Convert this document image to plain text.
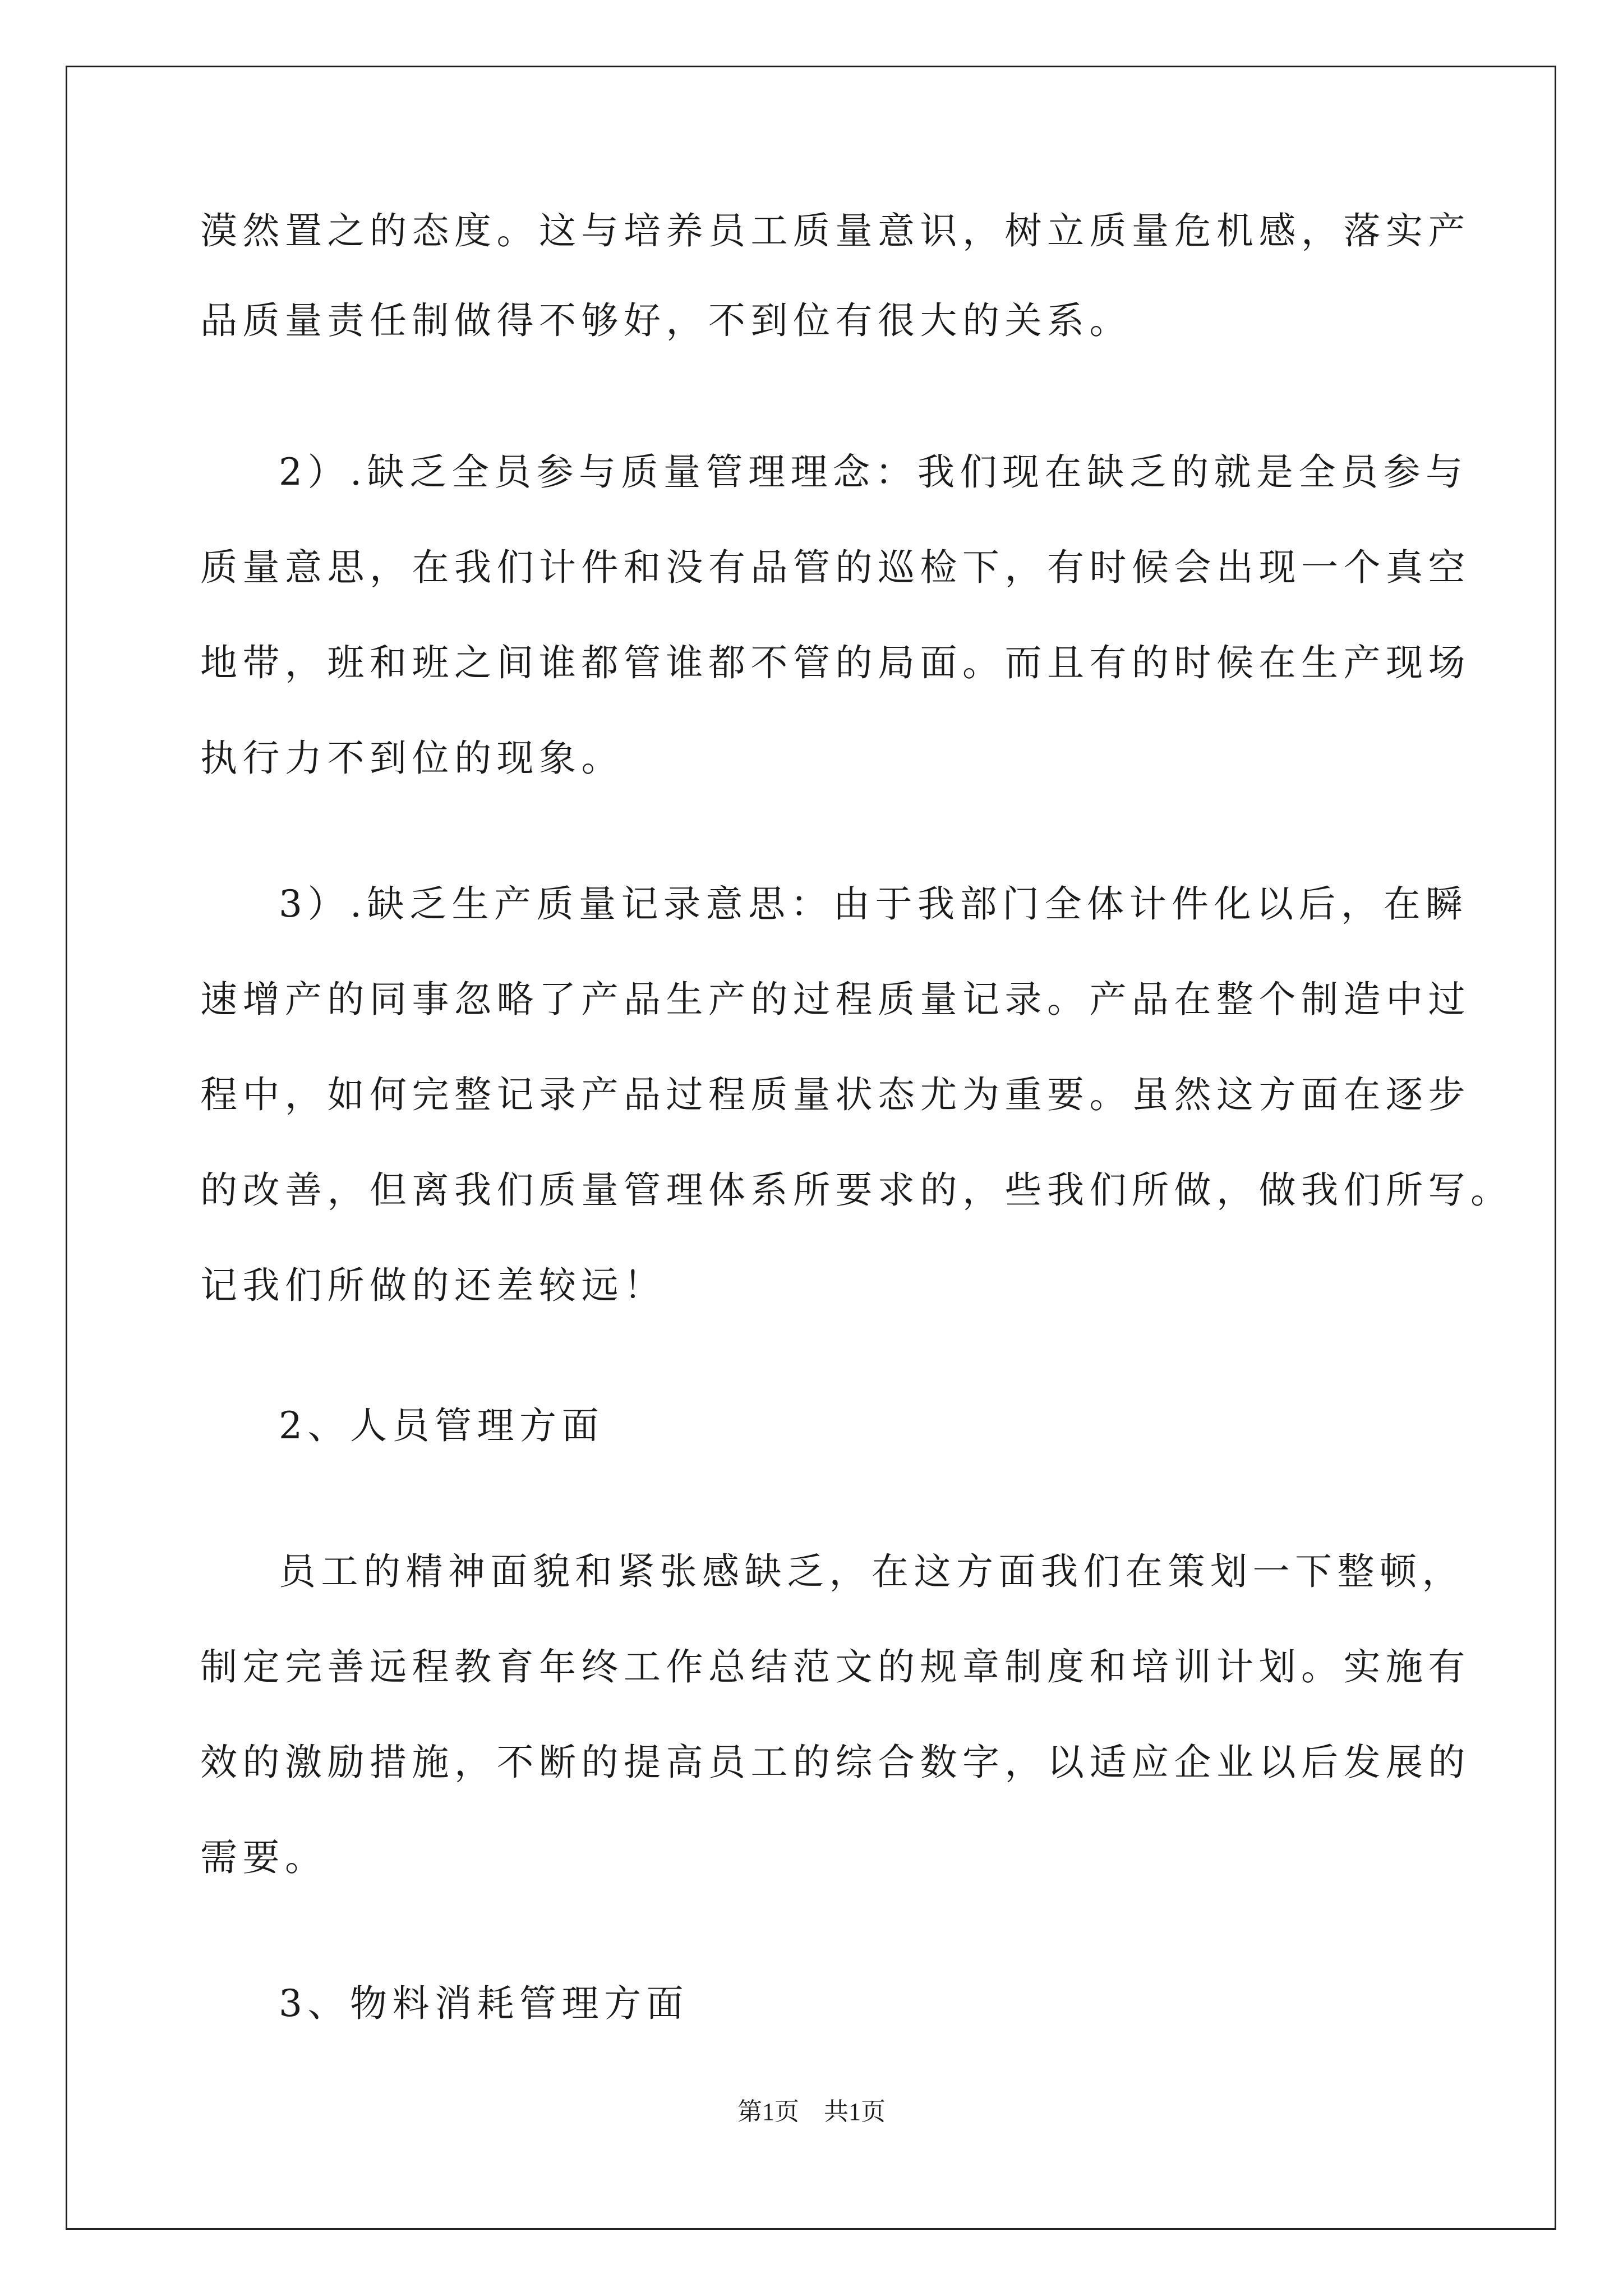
漠然置之的态度。这与培养员工质量意识，树立质量危机感，落实产
品质量责任制做得不够好，不到位有很大的关系。
2）.缺乏全员参与质量管理理念：我们现在缺乏的就是全员参与
质量意思，在我们计件和没有品管的巡检下，有时候会出现一个真空
地带，班和班之间谁都管谁都不管的局面。而且有的时候在生产现场
执行力不到位的现象。
3）.缺乏生产质量记录意思：由于我部门全体计件化以后，在瞬
速增产的同事忽略了产品生产的过程质量记录。产品在整个制造中过
程中，如何完整记录产品过程质量状态尤为重要。虽然这方面在逐步
的改善，但离我们质量管理体系所要求的，些我们所做，做我们所写。
记我们所做的还差较远！
2、人员管理方面
员工的精神面貌和紧张感缺乏，在这方面我们在策划一下整顿，
制定完善远程教育年终工作总结范文的规章制度和培训计划。实施有
效的激励措施，不断的提高员工的综合数字，以适应企业以后发展的
需要。
3、物料消耗管理方面
第1页　共1页
